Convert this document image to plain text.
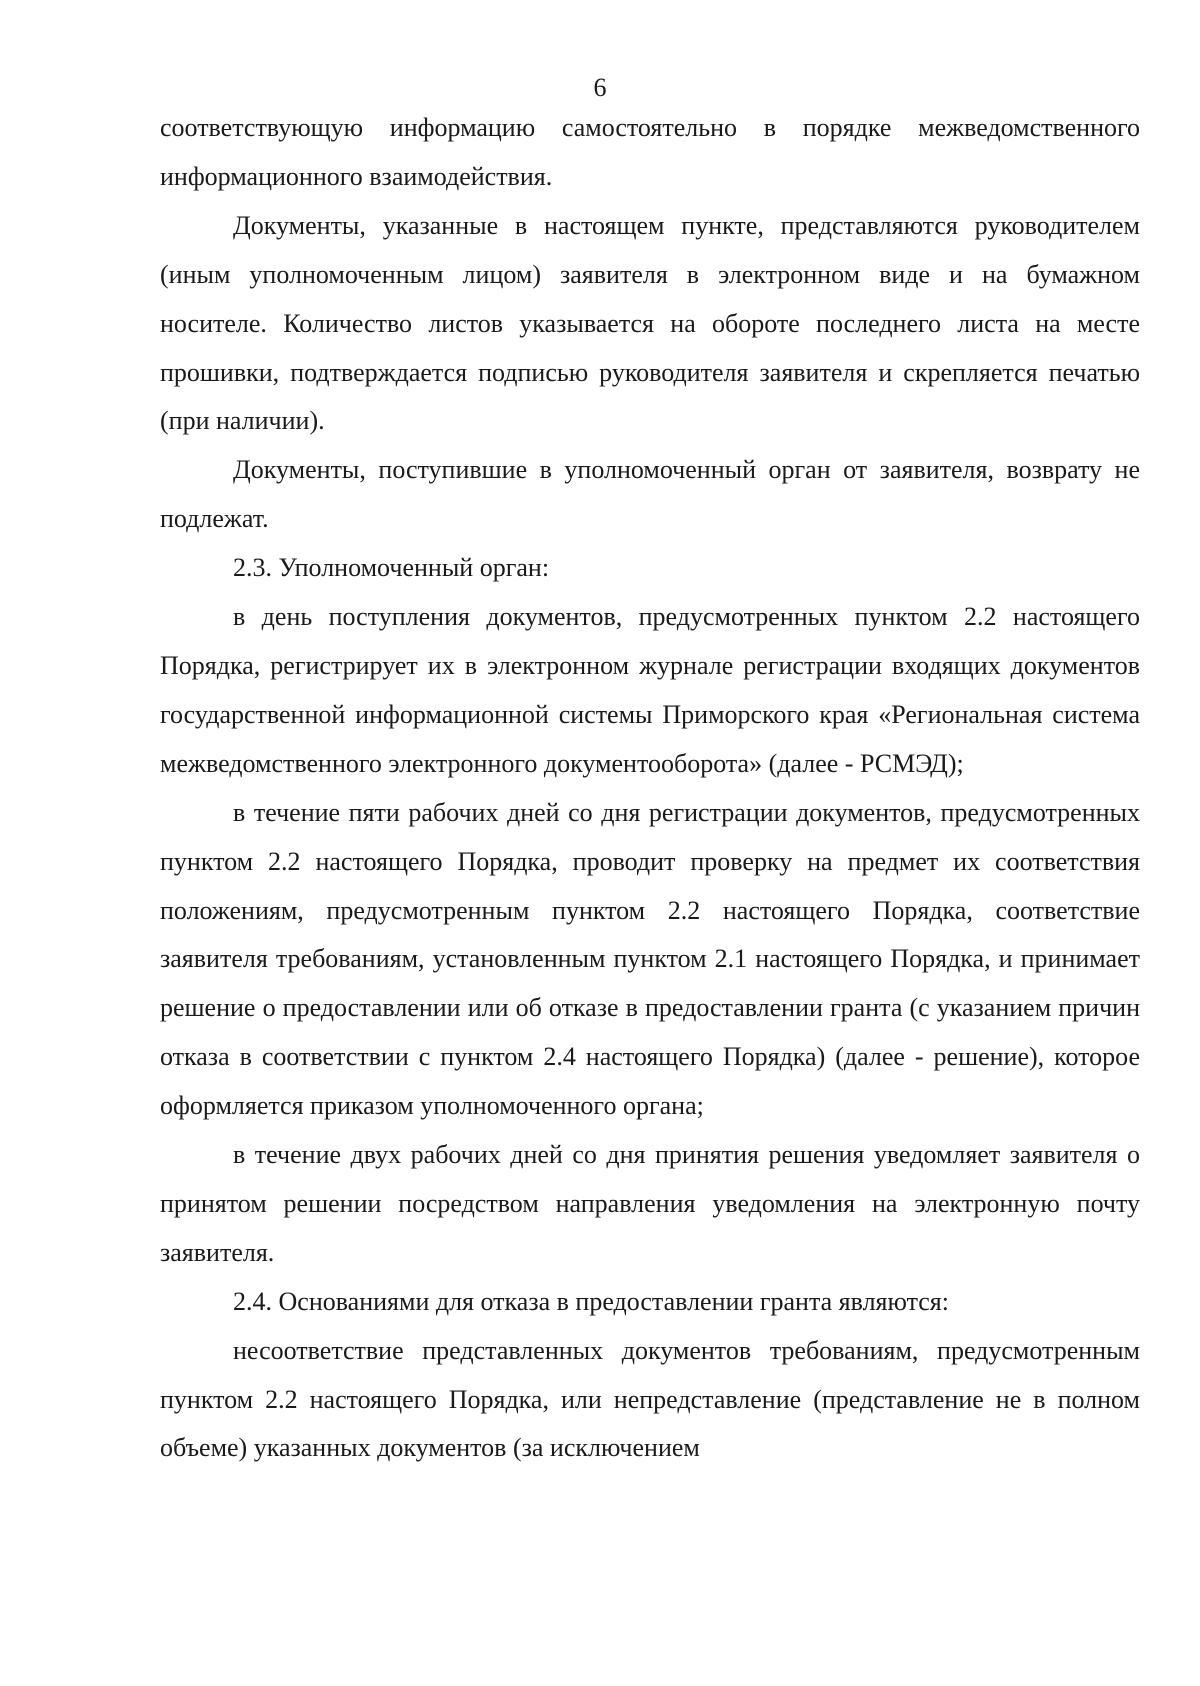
6

соответствующую информацию самостоятельно в порядке межведомственного информационного взаимодействия.

Документы, указанные в настоящем пункте, представляются руководителем (иным уполномоченным лицом) заявителя в электронном виде и на бумажном носителе. Количество листов указывается на обороте последнего листа на месте прошивки, подтверждается подписью руководителя заявителя и скрепляется печатью (при наличии).

Документы, поступившие в уполномоченный орган от заявителя, возврату не подлежат.

2.3. Уполномоченный орган:

в день поступления документов, предусмотренных пунктом 2.2 настоящего Порядка, регистрирует их в электронном журнале регистрации входящих документов государственной информационной системы Приморского края «Региональная система межведомственного электронного документооборота» (далее - РСМЭД);

в течение пяти рабочих дней со дня регистрации документов, предусмотренных пунктом 2.2 настоящего Порядка, проводит проверку на предмет их соответствия положениям, предусмотренным пунктом 2.2 настоящего Порядка, соответствие заявителя требованиям, установленным пунктом 2.1 настоящего Порядка, и принимает решение о предоставлении или об отказе в предоставлении гранта (с указанием причин отказа в соответствии с пунктом 2.4 настоящего Порядка) (далее - решение), которое оформляется приказом уполномоченного органа;

в течение двух рабочих дней со дня принятия решения уведомляет заявителя о принятом решении посредством направления уведомления на электронную почту заявителя.

2.4. Основаниями для отказа в предоставлении гранта являются:

несоответствие представленных документов требованиям, предусмотренным пунктом 2.2 настоящего Порядка, или непредставление (представление не в полном объеме) указанных документов (за исключением
